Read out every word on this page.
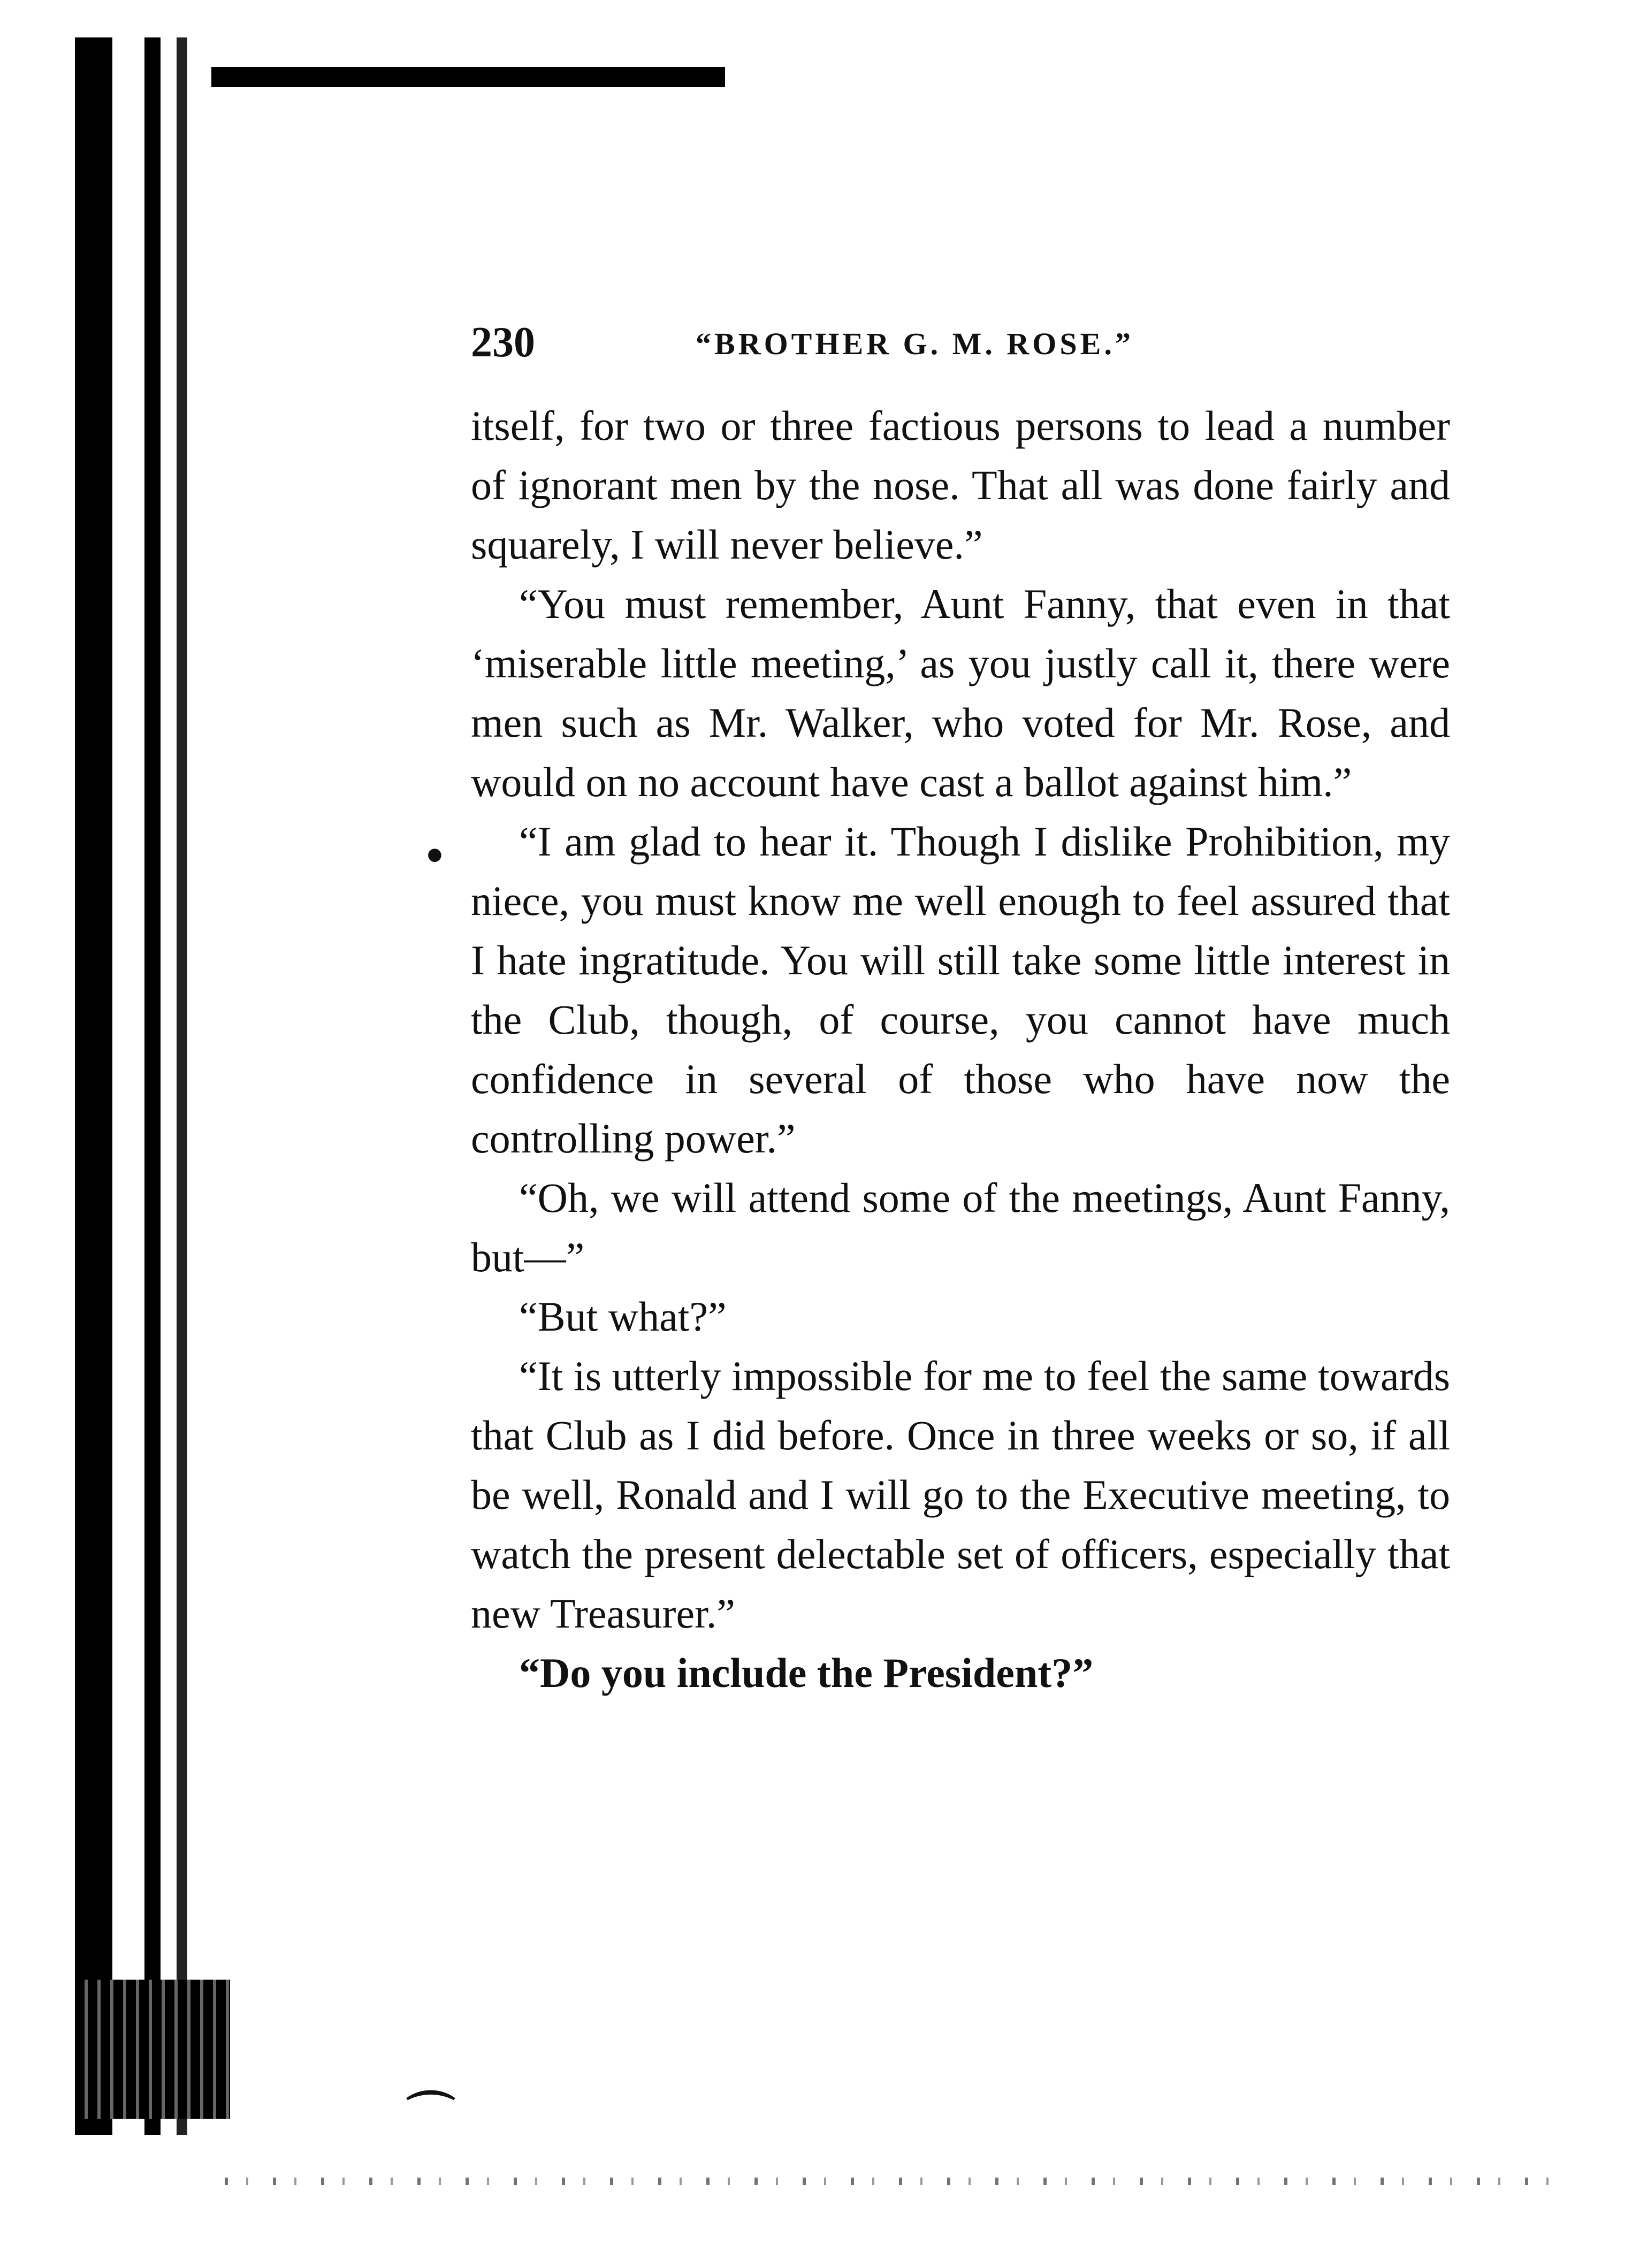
•
⌒
230	“BROTHER G. M. ROSE.”

itself, for two or three factious persons to lead a number of ignorant men by the nose. That all was done fairly and squarely, I will never believe.”

“You must remember, Aunt Fanny, that even in that ‘miserable little meeting,’ as you justly call it, there were men such as Mr. Walker, who voted for Mr. Rose, and would on no account have cast a ballot against him.”

“I am glad to hear it. Though I dislike Prohibition, my niece, you must know me well enough to feel assured that I hate ingratitude. You will still take some little interest in the Club, though, of course, you cannot have much confidence in several of those who have now the controlling power.”

“Oh, we will attend some of the meetings, Aunt Fanny, but—”

“But what?”

“It is utterly impossible for me to feel the same towards that Club as I did before. Once in three weeks or so, if all be well, Ronald and I will go to the Executive meeting, to watch the present delectable set of officers, especially that new Treasurer.”

“Do you include the President?”
